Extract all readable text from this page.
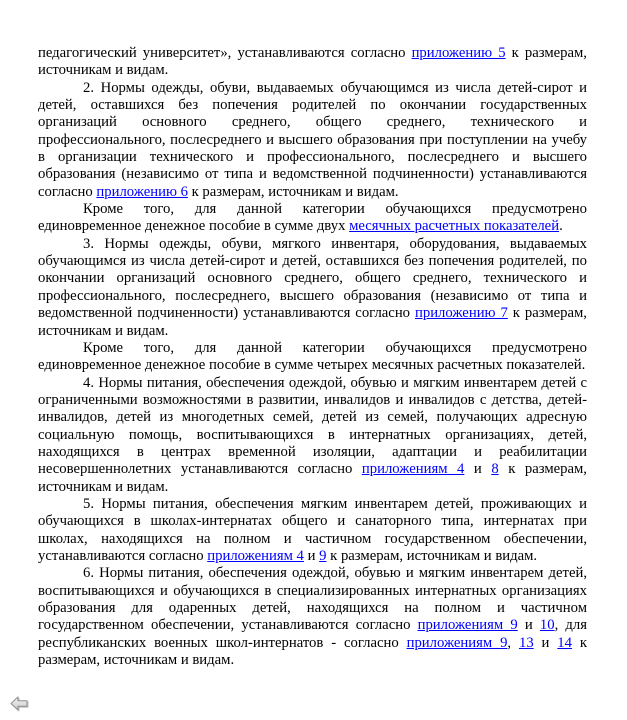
педагогический университет», устанавливаются согласно приложению 5 к размерам, источникам и видам.

2. Нормы одежды, обуви, выдаваемых обучающимся из числа детей-сирот и детей, оставшихся без попечения родителей по окончании государственных организаций основного среднего, общего среднего, технического и профессионального, послесреднего и высшего образования при поступлении на учебу в организации технического и профессионального, послесреднего и высшего образования (независимо от типа и ведомственной подчиненности) устанавливаются согласно приложению 6 к размерам, источникам и видам.

Кроме того, для данной категории обучающихся предусмотрено единовременное денежное пособие в сумме двух месячных расчетных показателей.

3. Нормы одежды, обуви, мягкого инвентаря, оборудования, выдаваемых обучающимся из числа детей-сирот и детей, оставшихся без попечения родителей, по окончании организаций основного среднего, общего среднего, технического и профессионального, послесреднего, высшего образования (независимо от типа и ведомственной подчиненности) устанавливаются согласно приложению 7 к размерам, источникам и видам.

Кроме того, для данной категории обучающихся предусмотрено единовременное денежное пособие в сумме четырех месячных расчетных показателей.

4. Нормы питания, обеспечения одеждой, обувью и мягким инвентарем детей с ограниченными возможностями в развитии, инвалидов и инвалидов с детства, детей-инвалидов, детей из многодетных семей, детей из семей, получающих адресную социальную помощь, воспитывающихся в интернатных организациях, детей, находящихся в центрах временной изоляции, адаптации и реабилитации несовершеннолетних устанавливаются согласно приложениям 4 и 8 к размерам, источникам и видам.

5. Нормы питания, обеспечения мягким инвентарем детей, проживающих и обучающихся в школах-интернатах общего и санаторного типа, интернатах при школах, находящихся на полном и частичном государственном обеспечении, устанавливаются согласно приложениям 4 и 9 к размерам, источникам и видам.

6. Нормы питания, обеспечения одеждой, обувью и мягким инвентарем детей, воспитывающихся и обучающихся в специализированных интернатных организациях образования для одаренных детей, находящихся на полном и частичном государственном обеспечении, устанавливаются согласно приложениям 9 и 10, для республиканских военных школ-интернатов - согласно приложениям 9, 13 и 14 к размерам, источникам и видам.
